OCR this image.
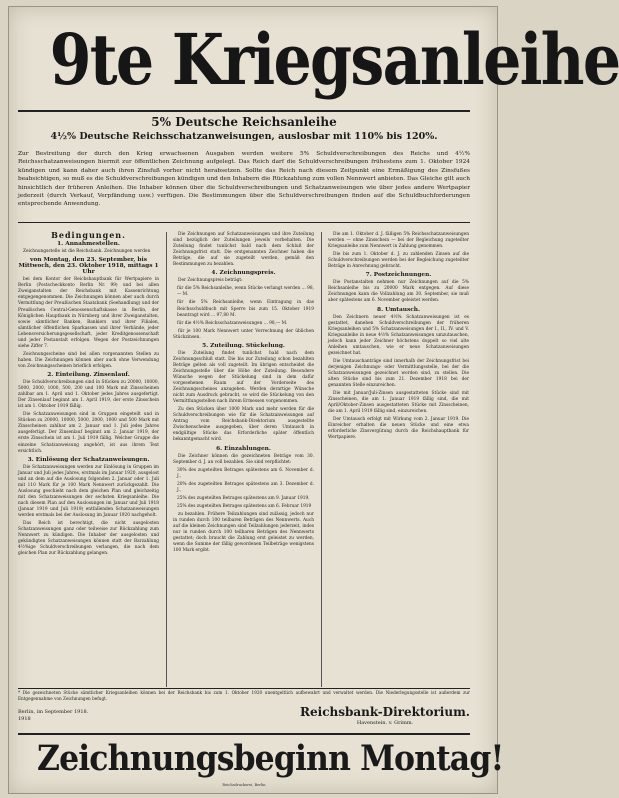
9te Kriegsanleihe
5% Deutsche Reichsanleihe
4½% Deutsche Reichsschatzanweisungen, auslosbar mit 110% bis 120%.
Zur Bestreitung der durch den Krieg erwachsenen Ausgaben werden weitere 5% Schuldverschreibungen des Reichs und 4½% Reichsschatzanweisungen hiermit zur öffentlichen Zeichnung aufgelegt. Das Reich darf die Schuldverschreibungen frühestens zum 1. Oktober 1924 kündigen und kann daher auch ihren Zinsfuß vorher nicht herabsetzen. Sollte das Reich nach diesem Zeitpunkt eine Ermäßigung des Zinsfußes beabsichtigen, so muß es die Schuldverschreibungen kündigen und den Inhabern die Rückzahlung zum vollen Nennwert anbieten. Das Gleiche gilt auch hinsichtlich der früheren Anleihen. Die Inhaber können über die Schuldverschreibungen und Schatzanweisungen wie über jedes andere Wertpapier jederzeit (durch Verkauf, Verpfändung usw.) verfügen. Die Bestimmungen über die Schuldverschreibungen finden auf die Schuldbuchforderungen entsprechende Anwendung.
Bedingungen.
1. Annahmestellen.

Zeichnungsstelle ist die Reichsbank. Zeichnungen werden

von Montag, den 23. September, bis Mittwoch, den 23. Oktober 1918, mittags 1 Uhr

bei dem Kontor der Reichshauptbank für Wertpapiere in Berlin (Postscheckkonto Berlin Nr. 99) und bei allen Zweiganstalten der Reichsbank mit Kassenrichtung entgegengenommen. Die Zeichnungen können aber auch durch Vermittlung der Preußischen Staatsbank (Seehandlung) und der Preußischen Central-Genossenschaftskasse in Berlin, der Königlichen Hauptbank in Nürnberg und ihrer Zweiganstalten, sowie sämtlicher Banken, Bankiers und ihrer Filialen, sämtlicher öffentlichen Sparkassen und ihrer Verbände, jeder Lebensversicherungsgesellschaft, jeder Kreditgenossenschaft und jeder Postanstalt erfolgen. Wegen der Postzeichnungen siehe Ziffer 7.

Zeichnungsscheine sind bei allen vorgenannten Stellen zu haben. Die Zeichnungen können aber auch ohne Verwendung von Zeichnungsscheinen brieflich erfolgen.

2. Einteilung. Zinsenlauf.

Die Schuldverschreibungen sind in Stücken zu 20000, 10000, 5000, 2000, 1000, 500, 200 und 100 Mark mit Zinsscheinen zahlbar am 1. April und 1. Oktober jedes Jahres ausgefertigt. Der Zinsenlauf beginnt am 1. April 1919, der erste Zinsschein ist am 1. Oktober 1919 fällig.

Die Schatzanweisungen sind in Gruppen eingeteilt und in Stücken zu 20000, 10000, 5000, 2000, 1000 und 500 Mark mit Zinsscheinen zahlbar am 2. Januar und 1. Juli jedes Jahres ausgefertigt. Der Zinsenlauf beginnt am 2. Januar 1919, der erste Zinsschein ist am 1. Juli 1919 fällig. Welcher Gruppe die einzelne Schatzanweisung angehört, ist aus ihrem Text ersichtlich.

3. Einlösung der Schatzanweisungen.

Die Schatzanweisungen werden zur Einlösung in Gruppen im Januar und Juli jedes Jahres, erstmals im Januar 1920, ausgelost und an dem auf die Auslosung folgenden 2. Januar oder 1. Juli mit 110 Mark für je 100 Mark Nennwert zurückgezahlt. Die Auslosung geschieht nach dem gleichen Plan und gleichzeitig mit den Schatzanweisungen der sechsten Kriegsanleihe. Die nach diesem Plan auf den Auslosungen im Januar und Juli 1918 (Januar 1919 und Juli 1919) entfallenden Schatzanweisungen werden erstmals bei der Auslosung im Januar 1920 nachgeholt.

Das Reich ist berechtigt, die nicht ausgelosten Schatzanweisungen ganz oder teilweise zur Rückzahlung zum Nennwert zu kündigen. Die Inhaber der ausgelosten und gekündigten Schatzanweisungen können statt der Barzahlung 4½%ige Schuldverschreibungen verlangen, die nach dem gleichen Plan zur Rückzahlung gelangen.

Die Zeichnungen auf Schatzanweisungen und ihre Zuteilung sind bezüglich der Zuteilungen jeweils vorbehalten. Die Zuteilung findet tunlichst bald nach dem Schluß der Zeichnungsfrist statt. Die erstgenannten Zeichner haben die Beträge, die auf sie zugeteilt werden, gemäß den Bestimmungen zu bezahlen.

4. Zeichnungspreis.

Der Zeichnungspreis beträgt:

für die 5% Reichsanleihe, wenn Stücke verlangt werden ... 98,— M.

für die 5% Reichsanleihe, wenn Eintragung in das Reichsschuldbuch mit Sperre bis zum 15. Oktober 1919 beantragt wird ... 97,80 M.

für die 4½% Reichsschatzanweisungen ... 98,— M.

für je 100 Mark Nennwert unter Verrechnung der üblichen Stückzinsen.

5. Zuteilung. Stückelung.

Die Zuteilung findet tunlichst bald nach dem Zeichnungsschluß statt. Die bis zur Zuteilung schon bezahlten Beträge gelten als voll zugeteilt. Im übrigen entscheidet die Zeichnungsstelle über die Höhe der Zuteilung. Besondere Wünsche wegen der Stückelung sind in dem dafür vorgesehenen Raum auf der Vorderseite des Zeichnungsscheines anzugeben. Werden derartige Wünsche nicht zum Ausdruck gebracht, so wird die Stückelung von den Vermittlungsstellen nach ihrem Ermessen vorgenommen.

Zu den Stücken über 1000 Mark und mehr werden für die Schuldverschreibungen wie für die Schatzanweisungen auf Antrag vom Reichsbank-Direktorium ausgestellte Zwischenscheine ausgegeben, über deren Umtausch in endgültige Stücke das Erforderliche später öffentlich bekanntgemacht wird.

6. Einzahlungen.

Die Zeichner können die gezeichneten Beträge vom 30. September d. J. an voll bezahlen. Sie sind verpflichtet:

30% des zugeteilten Betrages spätestens am 6. November d. J.,

20% des zugeteilten Betrages spätestens am 3. Dezember d. J.,

25% des zugeteilten Betrages spätestens am 9. Januar 1919,

25% des zugeteilten Betrages spätestens am 6. Februar 1919

zu bezahlen. Frühere Teilzahlungen sind zulässig, jedoch nur in runden durch 100 teilbaren Beträgen des Nennwerts. Auch auf die kleinen Zeichnungen sind Teilzahlungen jederzeit, indes nur in runden durch 100 teilbaren Beträgen des Nennwerts gestattet; doch braucht die Zahlung erst geleistet zu werden, wenn die Summe der fällig gewordenen Teilbeträge wenigstens 100 Mark ergibt.

Die am 1. Oktober d. J. fälligen 5% Reichsschatzanweisungen werden — ohne Zinsschein — bei der Begleichung zugeteilter Kriegsanleihe zum Nennwert in Zahlung genommen.

Die bis zum 1. Oktober d. J. zu zahlenden Zinsen auf die Schuldverschreibungen werden bei der Begleichung zugeteilter Beträge in Anrechnung gebracht.

7. Postzeichnungen.

Die Postanstalten nehmen nur Zeichnungen auf die 5% Reichsanleihe bis zu 20000 Mark entgegen. Auf diese Zeichnungen kann die Vollzahlung am 30. September, sie muß aber spätestens am 6. November geleistet werden.

8. Umtausch.

Den Zeichnern neuer 4½% Schatzanweisungen ist es gestattet, daneben Schuldverschreibungen der früheren Kriegsanleihen und 5% Schatzanweisungen der I., II., IV. und V. Kriegsanleihe in neue 4½% Schatzanweisungen umzutauschen, jedoch kann jeder Zeichner höchstens doppelt so viel alte Anleihen umtauschen, wie er neue Schatzanweisungen gezeichnet hat.

Die Umtauschanträge sind innerhalb der Zeichnungsfrist bei derjenigen Zeichnungs- oder Vermittlungsstelle, bei der die Schatzanweisungen gezeichnet worden sind, zu stellen. Die alten Stücke sind bis zum 21. Dezember 1918 bei der genannten Stelle einzureichen.

Die mit Januar/Juli-Zinsen ausgestatteten Stücke sind mit Zinsscheinen, die am 1. Januar 1919 fällig sind, die mit April/Oktober-Zinsen ausgestatteten Stücke mit Zinsscheinen, die am 1. April 1919 fällig sind, einzureichen.

Der Umtausch erfolgt mit Wirkung vom 2. Januar 1919. Die Einreicher erhalten die neuen Stücke und eine etwa erforderliche Zinsvergütung durch die Reichshauptbank für Wertpapiere.

* Die gezeichneten Stücke sämtlicher Kriegsanleihen können bei der Reichsbank bis zum 1. Oktober 1920 unentgeltlich aufbewahrt und verwaltet werden. Die Niederlegungsstelle ist außerdem zur Entgegennahme von Zeichnungen befugt.
Berlin, im September 1918.
1918	Reichsbank-Direktorium.
Havenstein. v. Grimm.
Zeichnungsbeginn Montag!
Reichsdruckerei, Berlin
